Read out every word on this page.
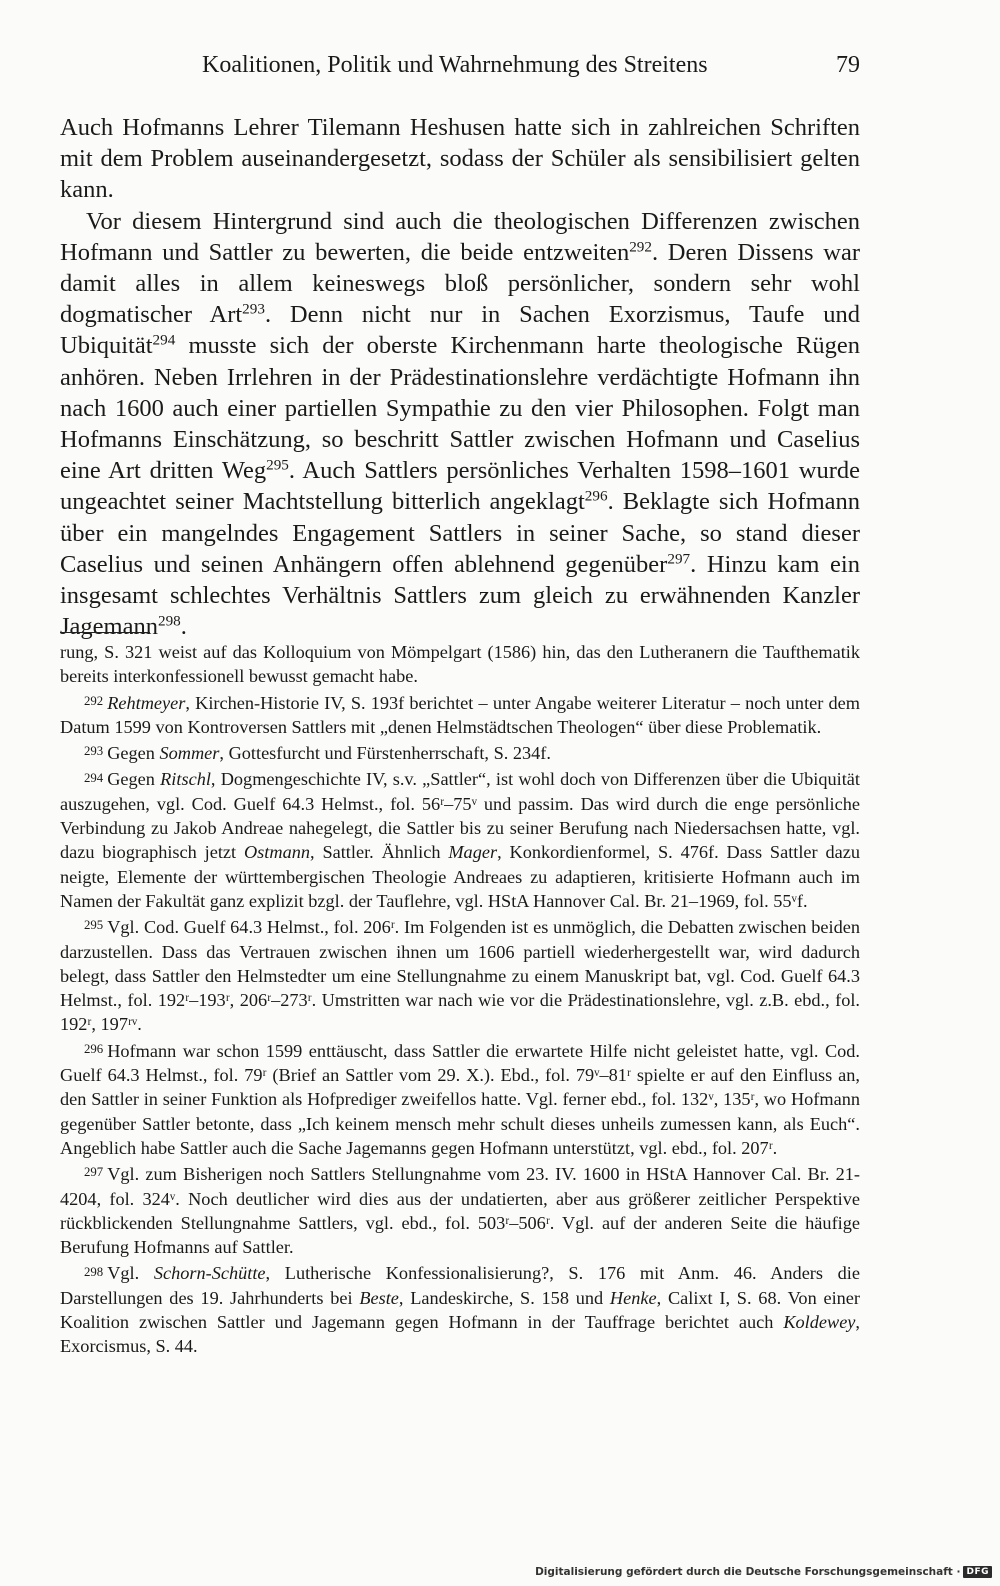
Koalitionen, Politik und Wahrnehmung des Streitens	79

Auch Hofmanns Lehrer Tilemann Heshusen hatte sich in zahlreichen Schriften mit dem Problem auseinandergesetzt, sodass der Schüler als sensibilisiert gelten kann.

Vor diesem Hintergrund sind auch die theologischen Differenzen zwischen Hofmann und Sattler zu bewerten, die beide entzweiten$^{292}$. Deren Dissens war damit alles in allem keineswegs bloß persönlicher, sondern sehr wohl dogmatischer Art$^{293}$. Denn nicht nur in Sachen Exorzismus, Taufe und Ubiquität$^{294}$ musste sich der oberste Kirchenmann harte theologische Rügen anhören. Neben Irrlehren in der Prädestinationslehre verdächtigte Hofmann ihn nach 1600 auch einer partiellen Sympathie zu den vier Philosophen. Folgt man Hofmanns Einschätzung, so beschritt Sattler zwischen Hofmann und Caselius eine Art dritten Weg$^{295}$. Auch Sattlers persönliches Verhalten 1598–1601 wurde ungeachtet seiner Machtstellung bitterlich angeklagt$^{296}$. Beklagte sich Hofmann über ein mangelndes Engagement Sattlers in seiner Sache, so stand dieser Caselius und seinen Anhängern offen ablehnend gegenüber$^{297}$. Hinzu kam ein insgesamt schlechtes Verhältnis Sattlers zum gleich zu erwähnenden Kanzler Jagemann$^{298}$.

rung, S. 321 weist auf das Kolloquium von Mömpelgart (1586) hin, das den Lutheranern die Taufthematik bereits interkonfessionell bewusst gemacht habe.

$^{292}$ Rehtmeyer, Kirchen-Historie IV, S. 193f berichtet – unter Angabe weiterer Literatur – noch unter dem Datum 1599 von Kontroversen Sattlers mit „denen Helmstädtschen Theologen“ über diese Problematik.

$^{293}$ Gegen Sommer, Gottesfurcht und Fürstenherrschaft, S. 234f.

$^{294}$ Gegen Ritschl, Dogmengeschichte IV, s.v. „Sattler“, ist wohl doch von Differenzen über die Ubiquität auszugehen, vgl. Cod. Guelf 64.3 Helmst., fol. 56ʳ–75ᵛ und passim. Das wird durch die enge persönliche Verbindung zu Jakob Andreae nahegelegt, die Sattler bis zu seiner Berufung nach Niedersachsen hatte, vgl. dazu biographisch jetzt Ostmann, Sattler. Ähnlich Mager, Konkordienformel, S. 476f. Dass Sattler dazu neigte, Elemente der württembergischen Theologie Andreaes zu adaptieren, kritisierte Hofmann auch im Namen der Fakultät ganz explizit bzgl. der Tauflehre, vgl. HStA Hannover Cal. Br. 21–1969, fol. 55ᵛf.

$^{295}$ Vgl. Cod. Guelf 64.3 Helmst., fol. 206ʳ. Im Folgenden ist es unmöglich, die Debatten zwischen beiden darzustellen. Dass das Vertrauen zwischen ihnen um 1606 partiell wiederhergestellt war, wird dadurch belegt, dass Sattler den Helmstedter um eine Stellungnahme zu einem Manuskript bat, vgl. Cod. Guelf 64.3 Helmst., fol. 192ʳ–193ʳ, 206ʳ–273ʳ. Umstritten war nach wie vor die Prädestinationslehre, vgl. z.B. ebd., fol. 192ʳ, 197ʳᵛ.

$^{296}$ Hofmann war schon 1599 enttäuscht, dass Sattler die erwartete Hilfe nicht geleistet hatte, vgl. Cod. Guelf 64.3 Helmst., fol. 79ʳ (Brief an Sattler vom 29. X.). Ebd., fol. 79ᵛ–81ʳ spielte er auf den Einfluss an, den Sattler in seiner Funktion als Hofprediger zweifellos hatte. Vgl. ferner ebd., fol. 132ᵛ, 135ʳ, wo Hofmann gegenüber Sattler betonte, dass „Ich keinem mensch mehr schult dieses unheils zumessen kann, als Euch“. Angeblich habe Sattler auch die Sache Jagemanns gegen Hofmann unterstützt, vgl. ebd., fol. 207ʳ.

$^{297}$ Vgl. zum Bisherigen noch Sattlers Stellungnahme vom 23. IV. 1600 in HStA Hannover Cal. Br. 21-4204, fol. 324ᵛ. Noch deutlicher wird dies aus der undatierten, aber aus größerer zeitlicher Perspektive rückblickenden Stellungnahme Sattlers, vgl. ebd., fol. 503ʳ–506ʳ. Vgl. auf der anderen Seite die häufige Berufung Hofmanns auf Sattler.

$^{298}$ Vgl. Schorn-Schütte, Lutherische Konfessionalisierung?, S. 176 mit Anm. 46. Anders die Darstellungen des 19. Jahrhunderts bei Beste, Landeskirche, S. 158 und Henke, Calixt I, S. 68. Von einer Koalition zwischen Sattler und Jagemann gegen Hofmann in der Tauffrage berichtet auch Koldewey, Exorcismus, S. 44.

Digitalisierung gefördert durch die Deutsche Forschungsgemeinschaft · DFG
